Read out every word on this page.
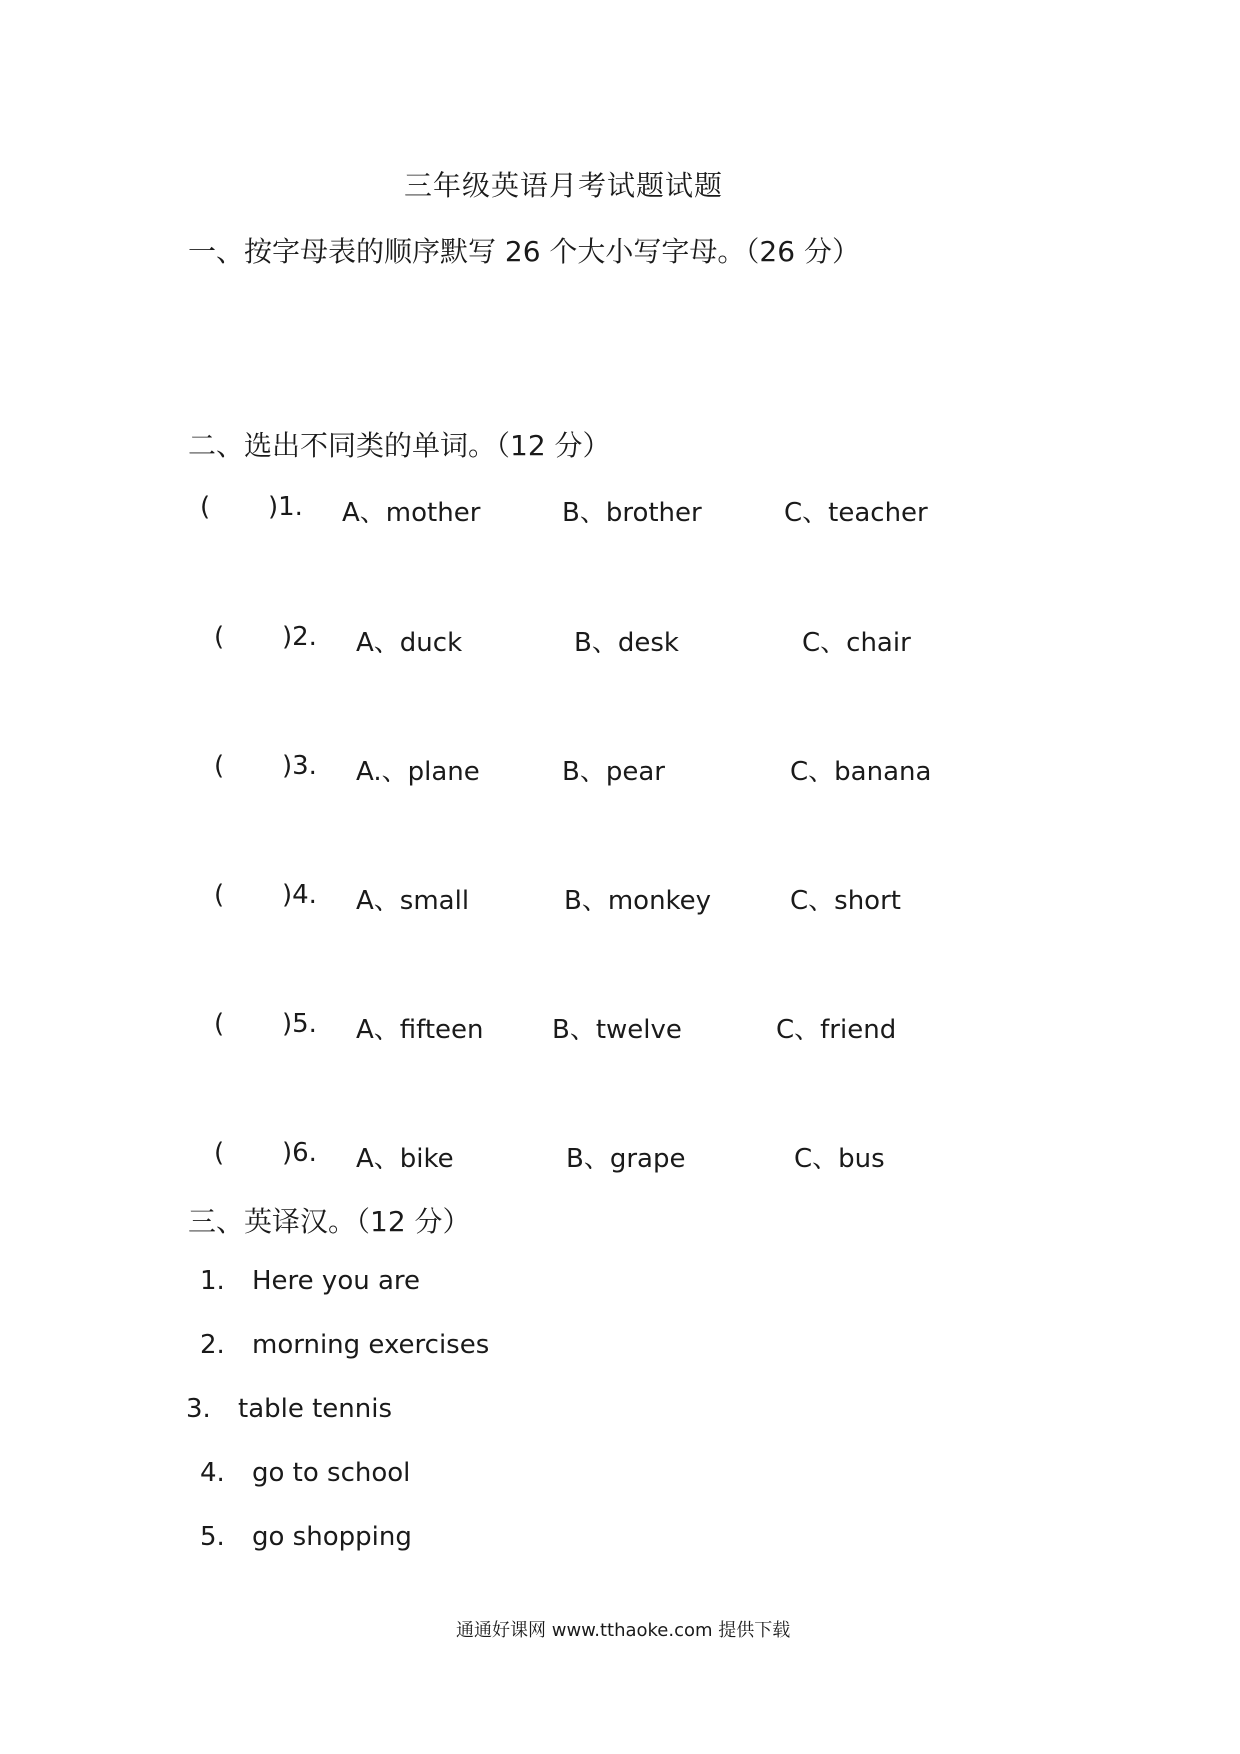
三年级英语月考试题试题
一、按字母表的顺序默写 26 个大小写字母。（26 分）
二、选出不同类的单词。（12 分）
( )1. A、mother	B、brother	C、teacher
( )2. A、duck	B、desk	C、chair
( )3. A.、plane	B、pear	C、banana
( )4. A、small	B、monkey	C、short
( )5. A、fiftеen	B、twelve	C、friend
( )6. A、bike	B、grape	C、bus
三、英译汉。（12 分）
1. Here you are
2. morning exercises
3. table tennis
4. go to school
5. go shopping
通通好课网 www.tthaoke.com 提供下载
